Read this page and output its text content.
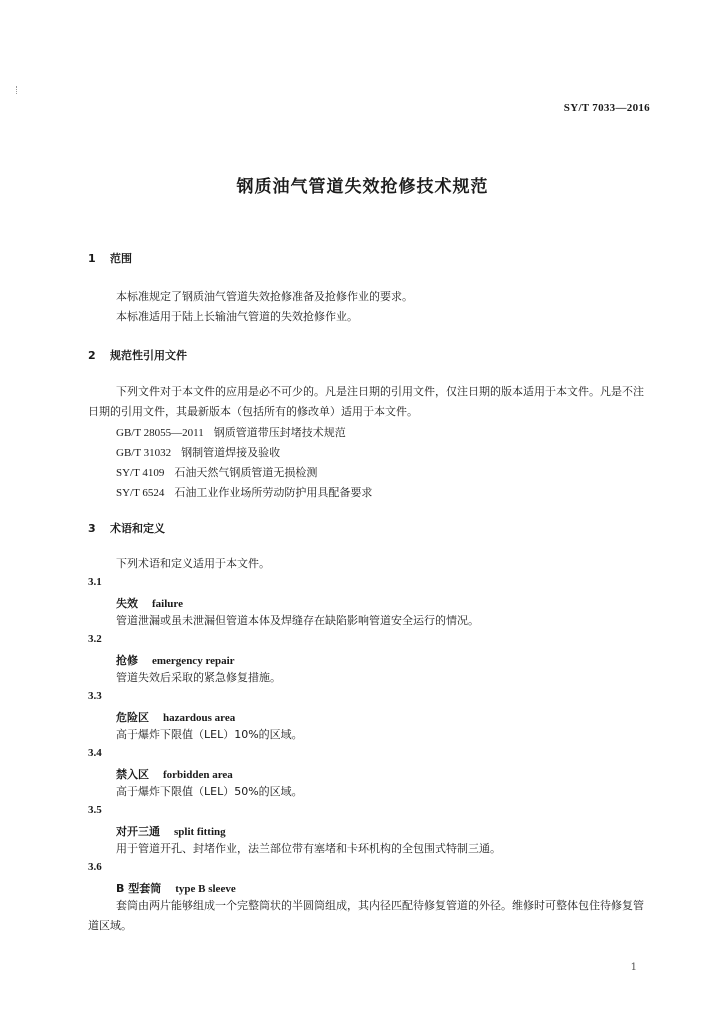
SY/T 7033—2016
钢质油气管道失效抢修技术规范
1 范围
本标准规定了钢质油气管道失效抢修准备及抢修作业的要求。
本标准适用于陆上长输油气管道的失效抢修作业。
2 规范性引用文件
下列文件对于本文件的应用是必不可少的。凡是注日期的引用文件，仅注日期的版本适用于本文件。凡是不注日期的引用文件，其最新版本（包括所有的修改单）适用于本文件。
GB/T 28055—2011 钢质管道带压封堵技术规范
GB/T 31032 钢制管道焊接及验收
SY/T 4109 石油天然气钢质管道无损检测
SY/T 6524 石油工业作业场所劳动防护用具配备要求
3 术语和定义
下列术语和定义适用于本文件。
3.1
失效 failure
管道泄漏或虽未泄漏但管道本体及焊缝存在缺陷影响管道安全运行的情况。
3.2
抢修 emergency repair
管道失效后采取的紧急修复措施。
3.3
危险区 hazardous area
高于爆炸下限值（LEL）10%的区域。
3.4
禁入区 forbidden area
高于爆炸下限值（LEL）50%的区域。
3.5
对开三通 split fitting
用于管道开孔、封堵作业，法兰部位带有塞堵和卡环机构的全包围式特制三通。
3.6
B 型套筒 type B sleeve
套筒由两片能够组成一个完整筒状的半圆筒组成，其内径匹配待修复管道的外径。维修时可整体包住待修复管道区域。
1
